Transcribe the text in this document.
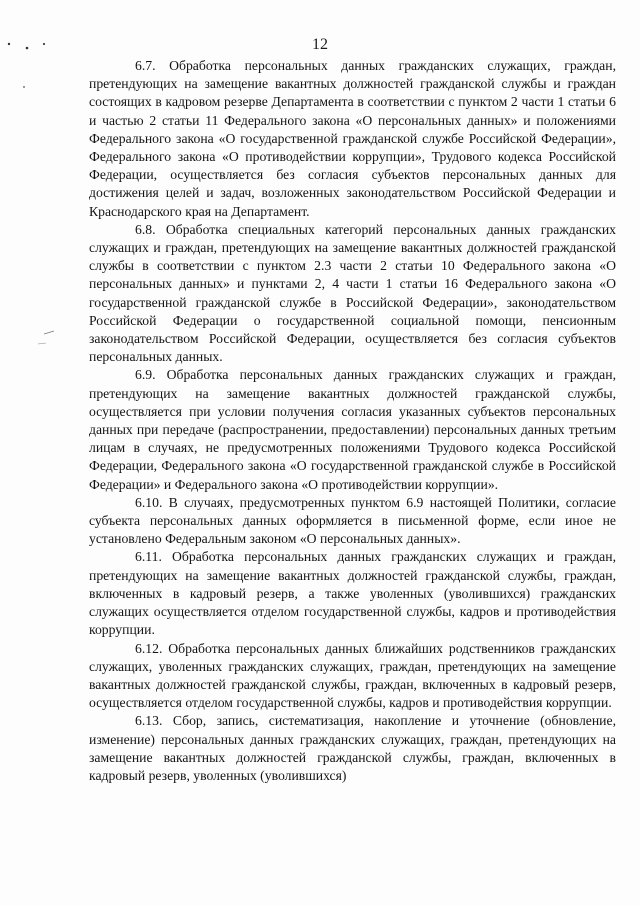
12

6.7. Обработка персональных данных гражданских служащих, граждан, претендующих на замещение вакантных должностей гражданской службы и граждан состоящих в кадровом резерве Департамента в соответствии с пунктом 2 части 1 статьи 6 и частью 2 статьи 11 Федерального закона «О персональных данных» и положениями Федерального закона «О государственной гражданской службе Российской Федерации», Федерального закона «О противодействии коррупции», Трудового кодекса Российской Федерации, осуществляется без согласия субъектов персональных данных для достижения целей и задач, возложенных законодательством Российской Федерации и Краснодарского края на Департамент.

6.8. Обработка специальных категорий персональных данных гражданских служащих и граждан, претендующих на замещение вакантных должностей гражданской службы в соответствии с пунктом 2.3 части 2 статьи 10 Федерального закона «О персональных данных» и пунктами 2, 4 части 1 статьи 16 Федерального закона «О государственной гражданской службе в Российской Федерации», законодательством Российской Федерации о государственной социальной помощи, пенсионным законодательством Российской Федерации, осуществляется без согласия субъектов персональных данных.

6.9. Обработка персональных данных гражданских служащих и граждан, претендующих на замещение вакантных должностей гражданской службы, осуществляется при условии получения согласия указанных субъектов персональных данных при передаче (распространении, предоставлении) персональных данных третьим лицам в случаях, не предусмотренных положениями Трудового кодекса Российской Федерации, Федерального закона «О государственной гражданской службе в Российской Федерации» и Федерального закона «О противодействии коррупции».

6.10. В случаях, предусмотренных пунктом 6.9 настоящей Политики, согласие субъекта персональных данных оформляется в письменной форме, если иное не установлено Федеральным законом «О персональных данных».

6.11. Обработка персональных данных гражданских служащих и граждан, претендующих на замещение вакантных должностей гражданской службы, граждан, включенных в кадровый резерв, а также уволенных (уволившихся) гражданских служащих осуществляется отделом государственной службы, кадров и противодействия коррупции.

6.12. Обработка персональных данных ближайших родственников гражданских служащих, уволенных гражданских служащих, граждан, претендующих на замещение вакантных должностей гражданской службы, граждан, включенных в кадровый резерв, осуществляется отделом государственной службы, кадров и противодействия коррупции.

6.13. Сбор, запись, систематизация, накопление и уточнение (обновление, изменение) персональных данных гражданских служащих, граждан, претендующих на замещение вакантных должностей гражданской службы, граждан, включенных в кадровый резерв, уволенных (уволившихся)
